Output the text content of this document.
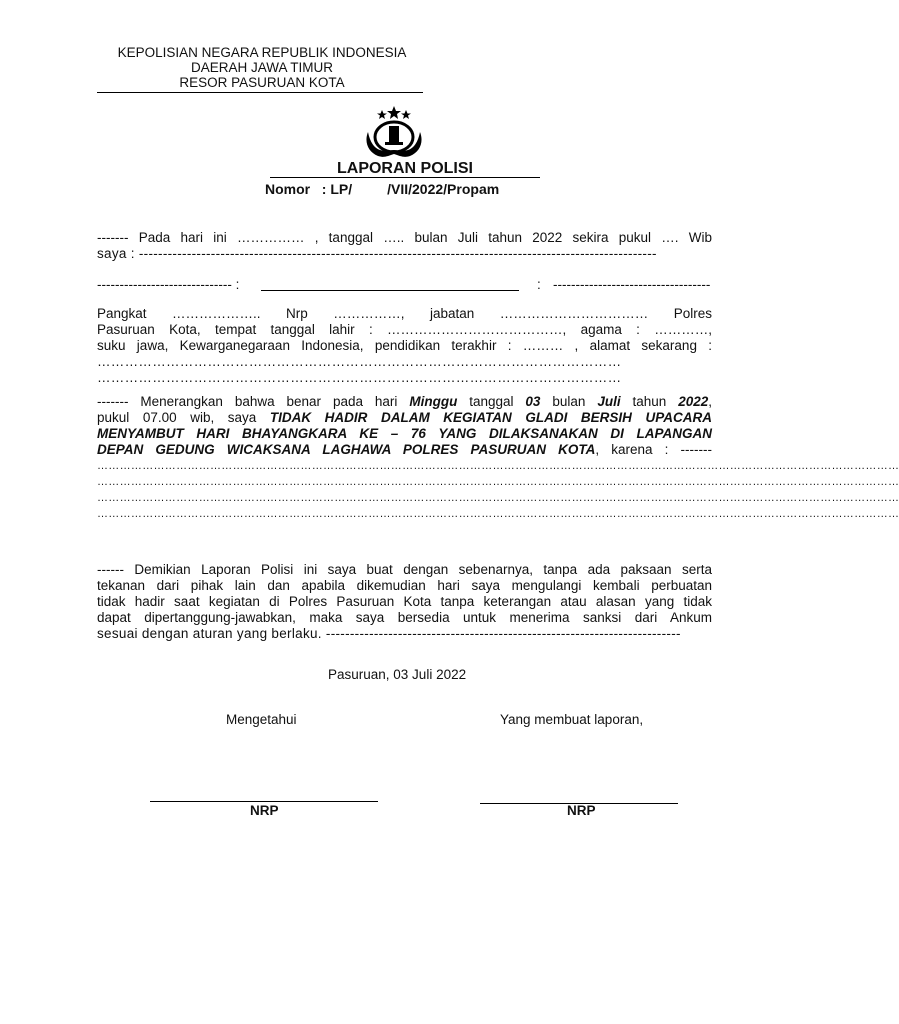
KEPOLISIAN NEGARA REPUBLIK INDONESIA
DAERAH JAWA TIMUR
RESOR PASURUAN KOTA
LAPORAN POLISI
Nomor   : LP/         /VII/2022/Propam
------- Pada hari ini …………… , tanggal ….. bulan Juli tahun 2022 sekira pukul …. Wib
saya : ------------------------------------------------------------------------------------------------------------
------------------------------ :	: -----------------------------------
Pangkat ……………….. Nrp ……………, jabatan …………………………… Polres
Pasuruan Kota, tempat tanggal lahir : …………………………………, agama : …………,
suku jawa, Kewarganegaraan Indonesia, pendidikan terakhir : ……… , alamat sekarang :
……………………………………………………………………………………………………
……………………………………………………………………………………………………
------- Menerangkan bahwa benar pada hari Minggu tanggal 03 bulan Juli tahun 2022,
pukul 07.00 wib, saya TIDAK HADIR DALAM KEGIATAN GLADI BERSIH UPACARA
MENYAMBUT HARI BHAYANGKARA KE – 76 YANG DILAKSANAKAN DI LAPANGAN
DEPAN GEDUNG WICAKSANA LAGHAWA POLRES PASURUAN KOTA, karena : -------
……………………………………………………………………………………………………………………………………………………………………………………………
……………………………………………………………………………………………………………………………………………………………………………………………
……………………………………………………………………………………………………………………………………………………………………………………………
……………………………………………………………………………………………………………………………………………………………………………………………
------ Demikian Laporan Polisi ini saya buat dengan sebenarnya, tanpa ada paksaan serta
tekanan dari pihak lain dan apabila dikemudian hari saya mengulangi kembali perbuatan
tidak hadir saat kegiatan di Polres Pasuruan Kota tanpa keterangan atau alasan yang tidak
dapat dipertanggung-jawabkan, maka saya bersedia untuk menerima sanksi dari Ankum
sesuai dengan aturan yang berlaku. --------------------------------------------------------------------------
Pasuruan, 03 Juli 2022
Mengetahui	Yang membuat laporan,
NRP	NRP
